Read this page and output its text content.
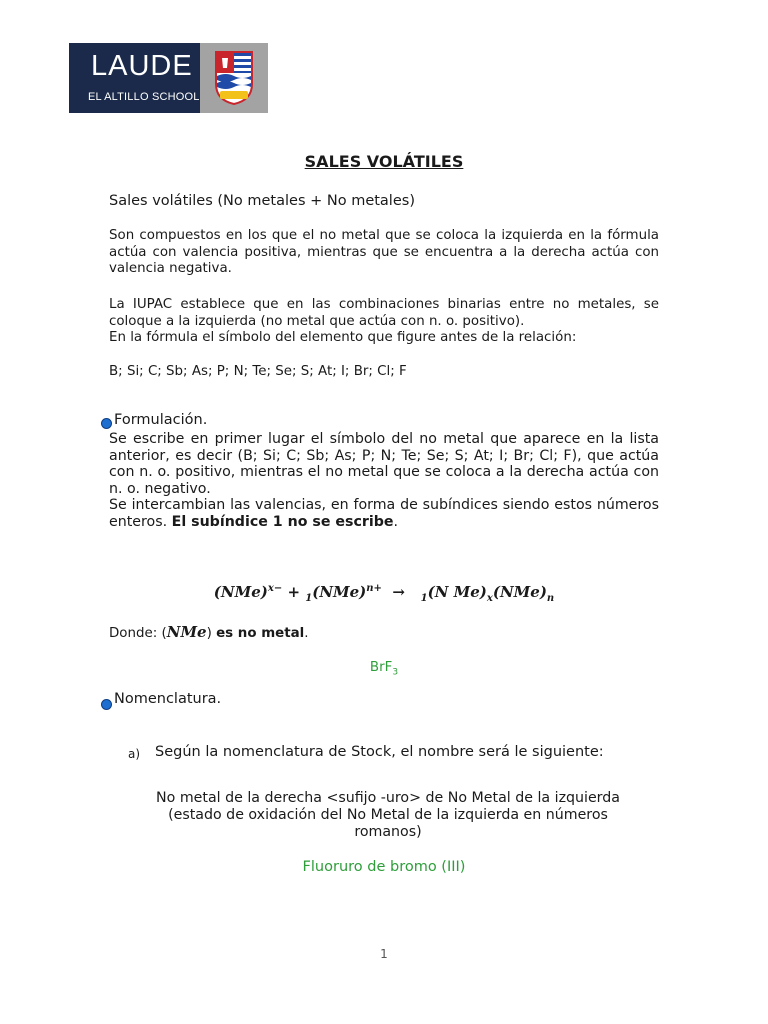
LAUDE
EL ALTILLO SCHOOL
SALES VOLÁTILES
Sales volátiles (No metales + No metales)
Son compuestos en los que el no metal que se coloca la izquierda en la fórmula actúa con valencia positiva, mientras que se encuentra a la derecha actúa con valencia negativa.
La IUPAC establece que en las combinaciones binarias entre no metales, se coloque a la izquierda (no metal que actúa con n. o. positivo).
En la fórmula el símbolo del elemento que figure antes de la relación:
B; Si; C; Sb; As; P; N; Te; Se; S; At; I; Br; Cl; F
Formulación.
Se escribe en primer lugar el símbolo del no metal que aparece en la lista anterior, es decir (B; Si; C; Sb; As; P; N; Te; Se; S; At; I; Br; Cl; F), que actúa con n. o. positivo, mientras el no metal que se coloca a la derecha actúa con n. o. negativo.
Se intercambian las valencias, en forma de subíndices siendo estos números enteros. El subíndice 1 no se escribe.
(NMe)$^{x-}$ + $_1$(NMe)$^{n+}$ → $_1$(N $Me)_x(NMe)_n$
Donde: (NMe) es no metal.
BrF$_3$
Nomenclatura.
a) Según la nomenclatura de Stock, el nombre será le siguiente:
No metal de la derecha <sufijo -uro> de No Metal de la izquierda
(estado de oxidación del No Metal de la izquierda en números
romanos)
Fluoruro de bromo (III)
1
